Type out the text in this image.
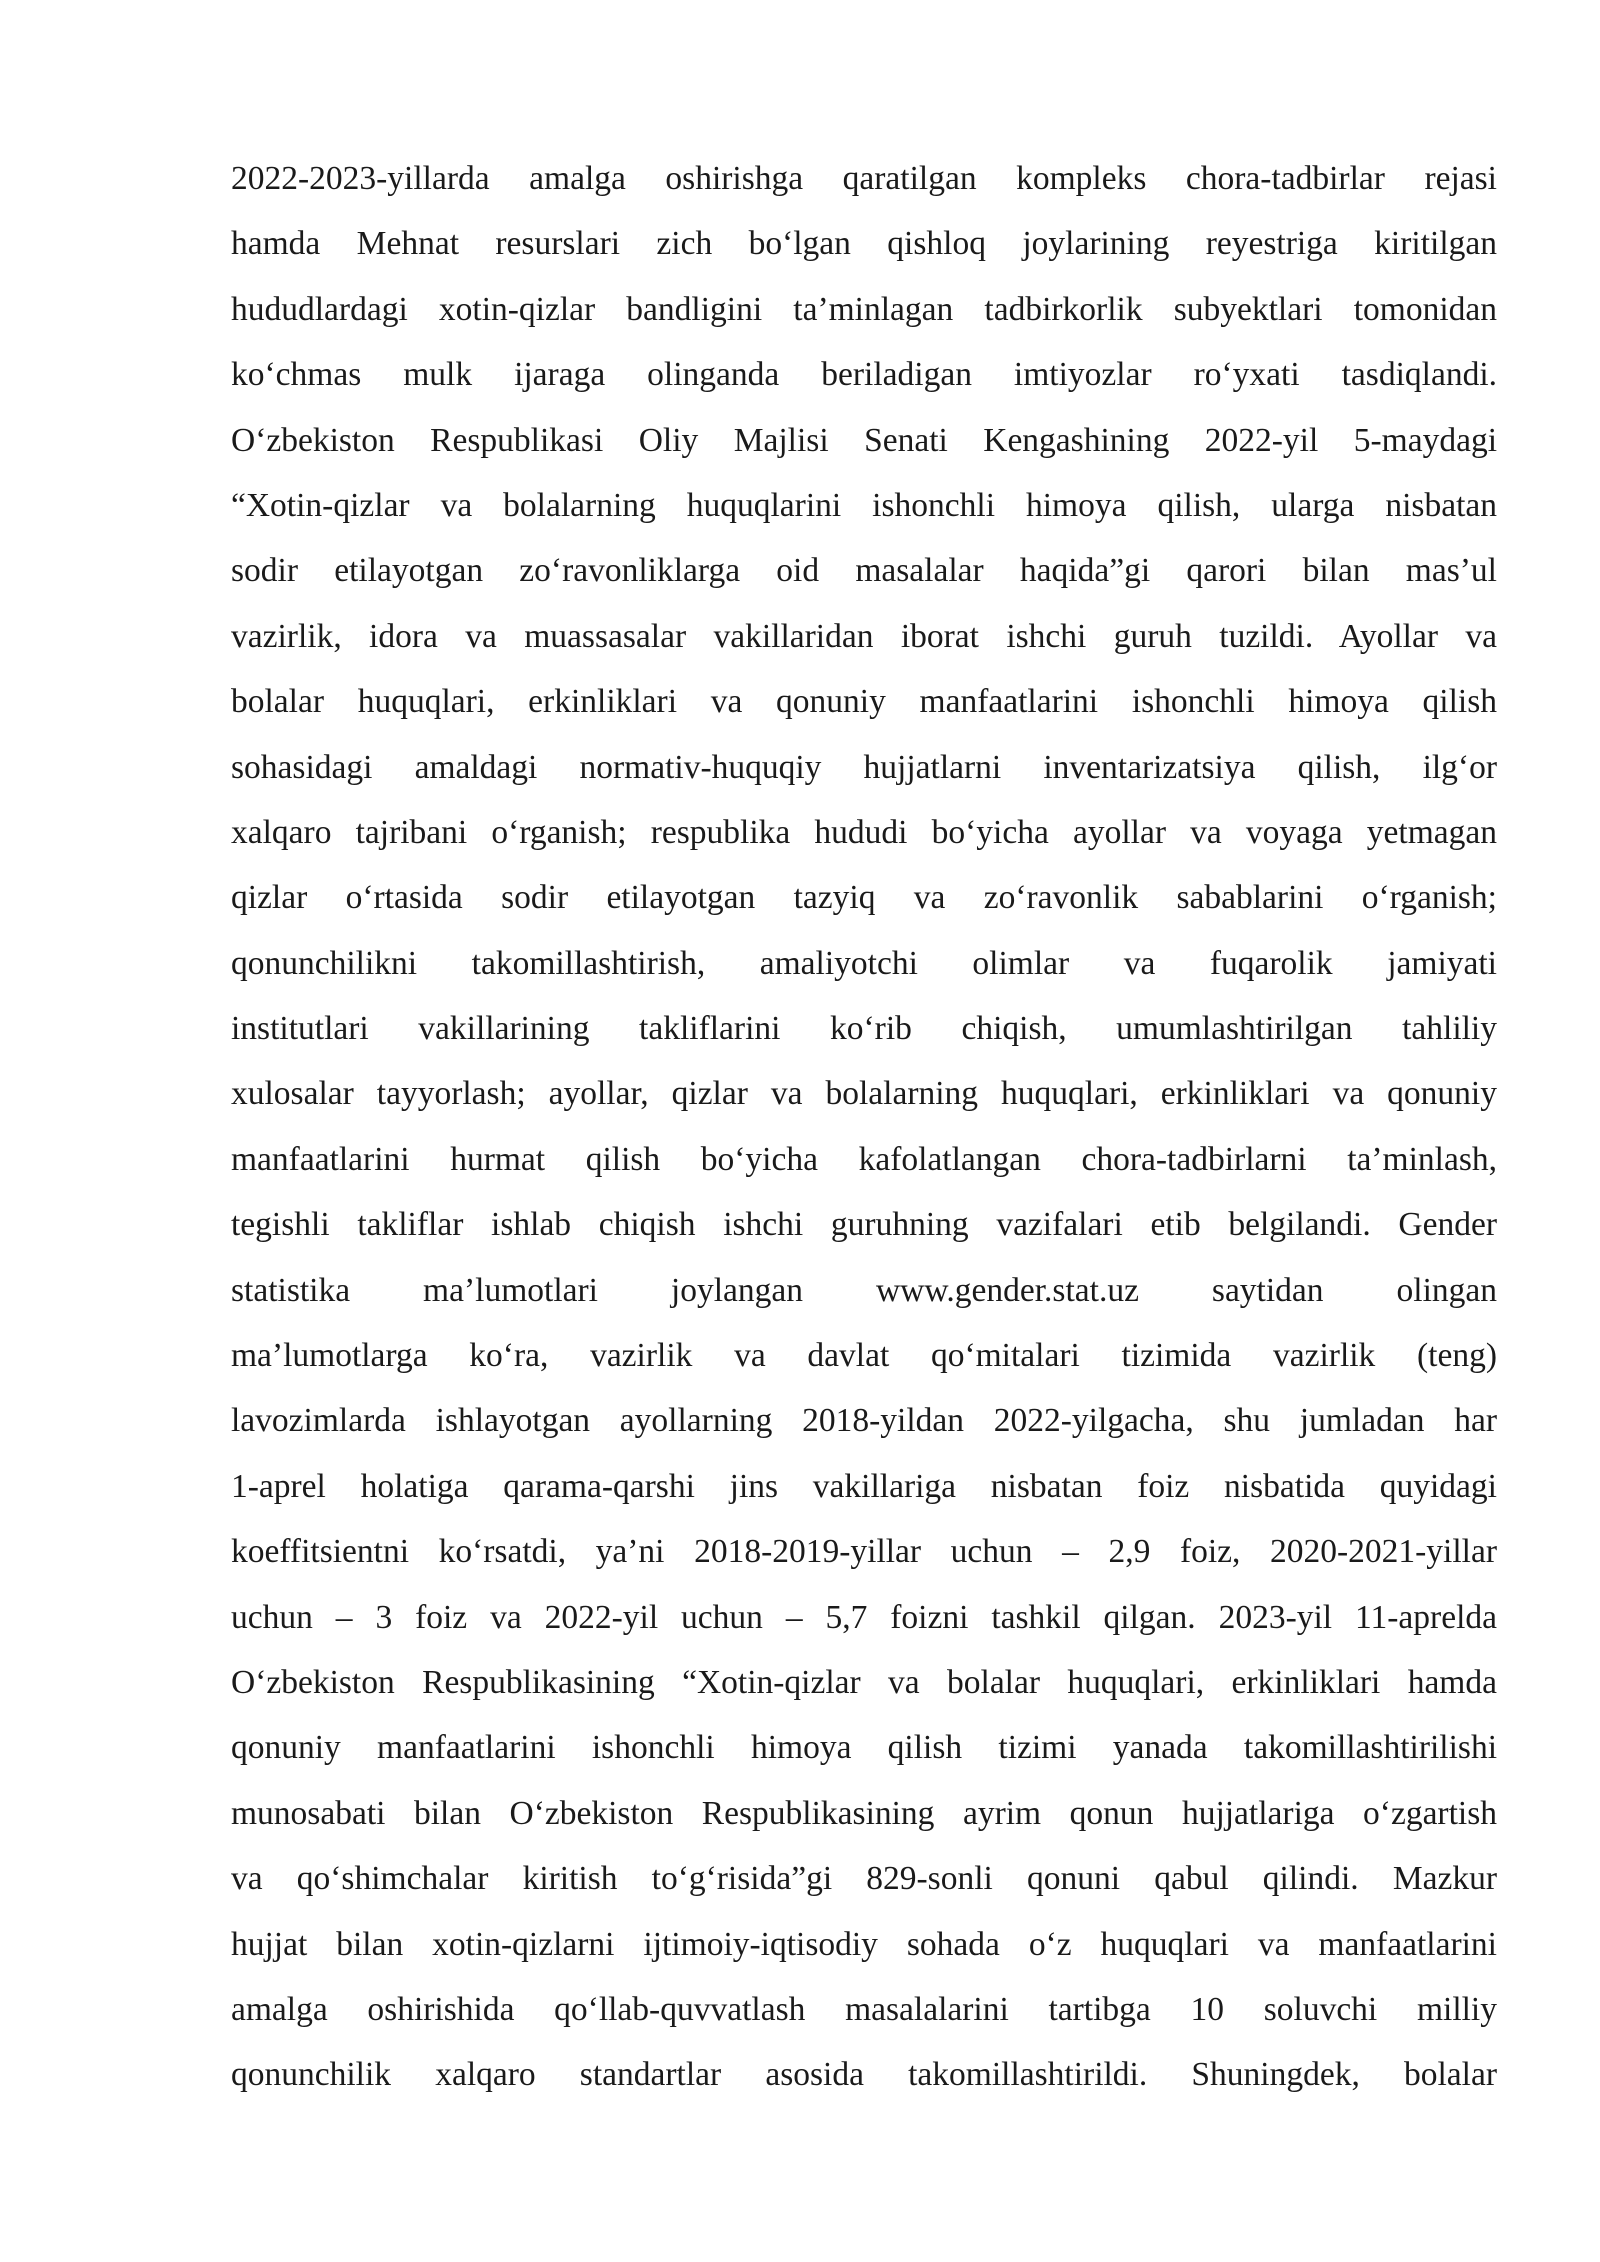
2022-2023-yillarda amalga oshirishga qaratilgan kompleks chora-tadbirlar rejasi
hamda Mehnat resurslari zich bo‘lgan qishloq joylarining reyestriga kiritilgan
hududlardagi xotin-qizlar bandligini ta’minlagan tadbirkorlik subyektlari tomonidan
ko‘chmas mulk ijaraga olinganda beriladigan imtiyozlar ro‘yxati tasdiqlandi.
O‘zbekiston Respublikasi Oliy Majlisi Senati Kengashining 2022-yil 5-maydagi
“Xotin-qizlar va bolalarning huquqlarini ishonchli himoya qilish, ularga nisbatan
sodir etilayotgan zo‘ravonliklarga oid masalalar haqida”gi qarori bilan mas’ul
vazirlik, idora va muassasalar vakillaridan iborat ishchi guruh tuzildi. Ayollar va
bolalar huquqlari, erkinliklari va qonuniy manfaatlarini ishonchli himoya qilish
sohasidagi amaldagi normativ-huquqiy hujjatlarni inventarizatsiya qilish, ilg‘or
xalqaro tajribani o‘rganish; respublika hududi bo‘yicha ayollar va voyaga yetmagan
qizlar o‘rtasida sodir etilayotgan tazyiq va zo‘ravonlik sabablarini o‘rganish;
qonunchilikni takomillashtirish, amaliyotchi olimlar va fuqarolik jamiyati
institutlari vakillarining takliflarini ko‘rib chiqish, umumlashtirilgan tahliliy
xulosalar tayyorlash; ayollar, qizlar va bolalarning huquqlari, erkinliklari va qonuniy
manfaatlarini hurmat qilish bo‘yicha kafolatlangan chora-tadbirlarni ta’minlash,
tegishli takliflar ishlab chiqish ishchi guruhning vazifalari etib belgilandi. Gender
statistika ma’lumotlari joylangan www.gender.stat.uz saytidan olingan
ma’lumotlarga ko‘ra, vazirlik va davlat qo‘mitalari tizimida vazirlik (teng)
lavozimlarda ishlayotgan ayollarning 2018-yildan 2022-yilgacha, shu jumladan har
1-aprel holatiga qarama-qarshi jins vakillariga nisbatan foiz nisbatida quyidagi
koeffitsientni ko‘rsatdi, ya’ni 2018-2019-yillar uchun – 2,9 foiz, 2020-2021-yillar
uchun – 3 foiz va 2022-yil uchun – 5,7 foizni tashkil qilgan. 2023-yil 11-aprelda
O‘zbekiston Respublikasining “Xotin-qizlar va bolalar huquqlari, erkinliklari hamda
qonuniy manfaatlarini ishonchli himoya qilish tizimi yanada takomillashtirilishi
munosabati bilan O‘zbekiston Respublikasining ayrim qonun hujjatlariga o‘zgartish
va qo‘shimchalar kiritish to‘g‘risida”gi 829-sonli qonuni qabul qilindi. Mazkur
hujjat bilan xotin-qizlarni ijtimoiy-iqtisodiy sohada o‘z huquqlari va manfaatlarini
amalga oshirishida qo‘llab-quvvatlash masalalarini tartibga 10 soluvchi milliy
qonunchilik xalqaro standartlar asosida takomillashtirildi. Shuningdek, bolalar
